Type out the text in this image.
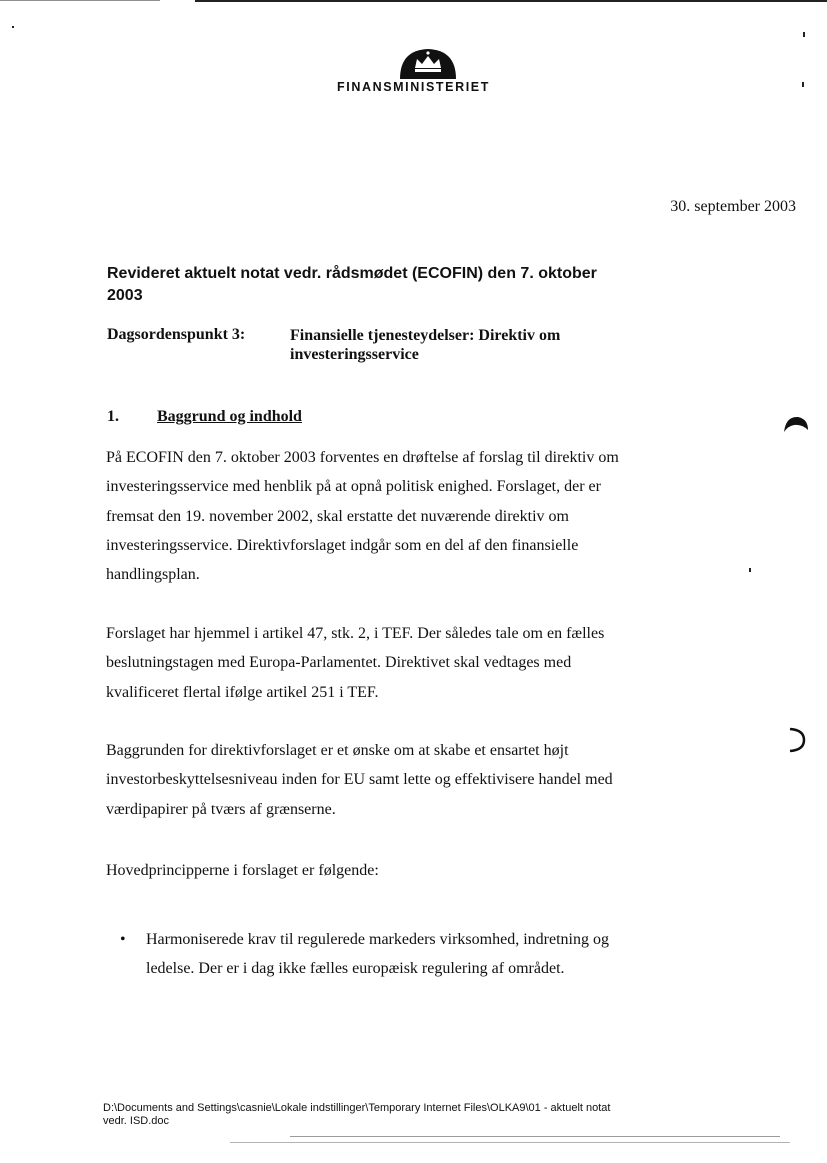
FINANSMINISTERIET
30. september 2003
Revideret aktuelt notat vedr. rådsmødet (ECOFIN) den 7. oktober 2003
Dagsordenspunkt 3:	Finansielle tjenesteydelser: Direktiv om investeringsservice
1. Baggrund og indhold
På ECOFIN den 7. oktober 2003 forventes en drøftelse af forslag til direktiv om investeringsservice med henblik på at opnå politisk enighed. Forslaget, der er fremsat den 19. november 2002, skal erstatte det nuværende direktiv om investeringsservice. Direktivforslaget indgår som en del af den finansielle handlingsplan.
Forslaget har hjemmel i artikel 47, stk. 2, i TEF. Der således tale om en fælles beslutningstagen med Europa-Parlamentet. Direktivet skal vedtages med kvalificeret flertal ifølge artikel 251 i TEF.
Baggrunden for direktivforslaget er et ønske om at skabe et ensartet højt investorbeskyttelsesniveau inden for EU samt lette og effektivisere handel med værdipapirer på tværs af grænserne.
Hovedprincipperne i forslaget er følgende:
• Harmoniserede krav til regulerede markeders virksomhed, indretning og ledelse. Der er i dag ikke fælles europæisk regulering af området.
D:\Documents and Settings\casnie\Lokale indstillinger\Temporary Internet Files\OLKA9\01 - aktuelt notat vedr. ISD.doc
